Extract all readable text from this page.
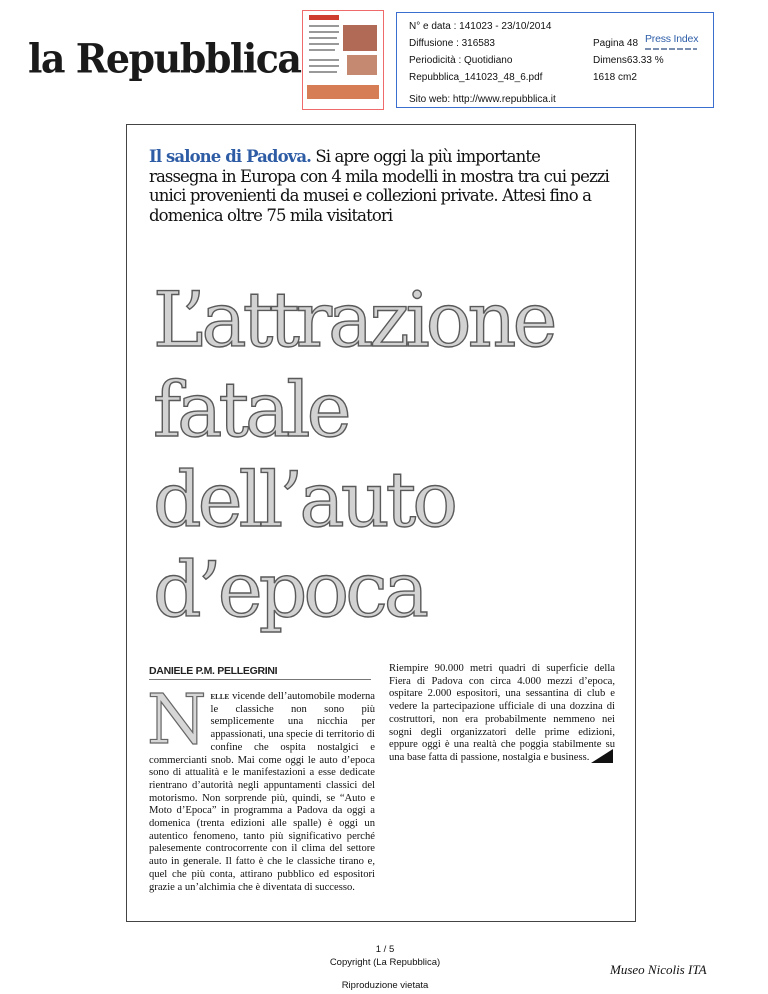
la Repubblica
N° e data : 141023 - 23/10/2014
Diffusione : 316583
Periodicità : Quotidiano
Repubblica_141023_48_6.pdf
Pagina 48
Dimens63.33 %
1618 cm2
Sito web: http://www.repubblica.it
Press Index
Il salone di Padova. Si apre oggi la più importante rassegna in Europa con 4 mila modelli in mostra tra cui pezzi unici provenienti da musei e collezioni private. Attesi fino a domenica oltre 75 mila visitatori
L’attrazione
fatale
dell’auto
d’epoca
DANIELE P.M. PELLEGRINI
N elle vicende dell’automobile moderna le classiche non sono più semplicemente una nicchia per appassionati, una specie di territorio di confine che ospita nostalgici e commercianti snob. Mai come oggi le auto d’epoca sono di attualità e le manifestazioni a esse dedicate rientrano d’autorità negli appuntamenti classici del motorismo. Non sorprende più, quindi, se “Auto e Moto d’Epoca” in programma a Padova da oggi a domenica (trenta edizioni alle spalle) è oggi un autentico fenomeno, tanto più significativo perché palesemente controcorrente con il clima del settore auto in generale. Il fatto è che le classiche tirano e, quel che più conta, attirano pubblico ed espositori grazie a un’alchimia che è diventata di successo.
Riempire 90.000 metri quadri di superficie della Fiera di Padova con circa 4.000 mezzi d’epoca, ospitare 2.000 espositori, una sessantina di club e vedere la partecipazione ufficiale di una dozzina di costruttori, non era probabilmente nemmeno nei sogni degli organizzatori delle prime edizioni, eppure oggi è una realtà che poggia stabilmente su una base fatta di passione, nostalgia e business.
1 / 5
Copyright (La Repubblica)
Riproduzione vietata
Museo Nicolis ITA
